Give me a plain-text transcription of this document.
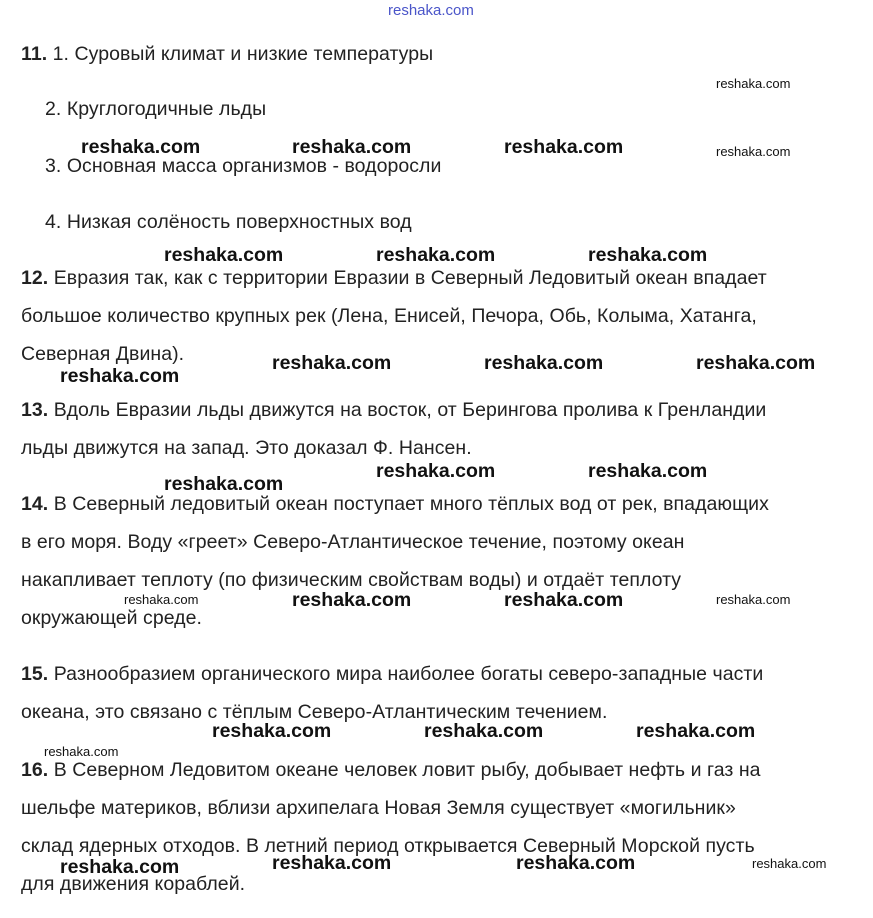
reshaka.com
11. 1. Суровый климат и низкие температуры
2. Круглогодичные льды
3. Основная масса организмов - водоросли
4. Низкая солёность поверхностных вод
12. Евразия так, как с территории Евразии в Северный Ледовитый океан впадает
большое количество крупных рек (Лена, Енисей, Печора, Обь, Колыма, Хатанга,
Северная Двина).
13. Вдоль Евразии льды движутся на восток, от Берингова пролива к Гренландии
льды движутся на запад. Это доказал Ф. Нансен.
14. В Северный ледовитый океан поступает много тёплых вод от рек, впадающих
в его моря. Воду «греет» Северо-Атлантическое течение, поэтому океан
накапливает теплоту (по физическим свойствам воды) и отдаёт теплоту
окружающей среде.
15. Разнообразием органического мира наиболее богаты северо-западные части
океана, это связано с тёплым Северо-Атлантическим течением.
16. В Северном Ледовитом океане человек ловит рыбу, добывает нефть и газ на
шельфе материков, вблизи архипелага Новая Земля существует «могильник»
склад ядерных отходов. В летний период открывается Северный Морской пусть
для движения кораблей.
reshaka.com	reshaka.com	reshaka.com
reshaka.com	reshaka.com	reshaka.com
reshaka.com	reshaka.com	reshaka.com
reshaka.com
reshaka.com	reshaka.com
reshaka.com
reshaka.com	reshaka.com
reshaka.com	reshaka.com	reshaka.com
reshaka.com	reshaka.com	reshaka.com
reshaka.com
reshaka.com
reshaka.com	reshaka.com
reshaka.com
reshaka.com
